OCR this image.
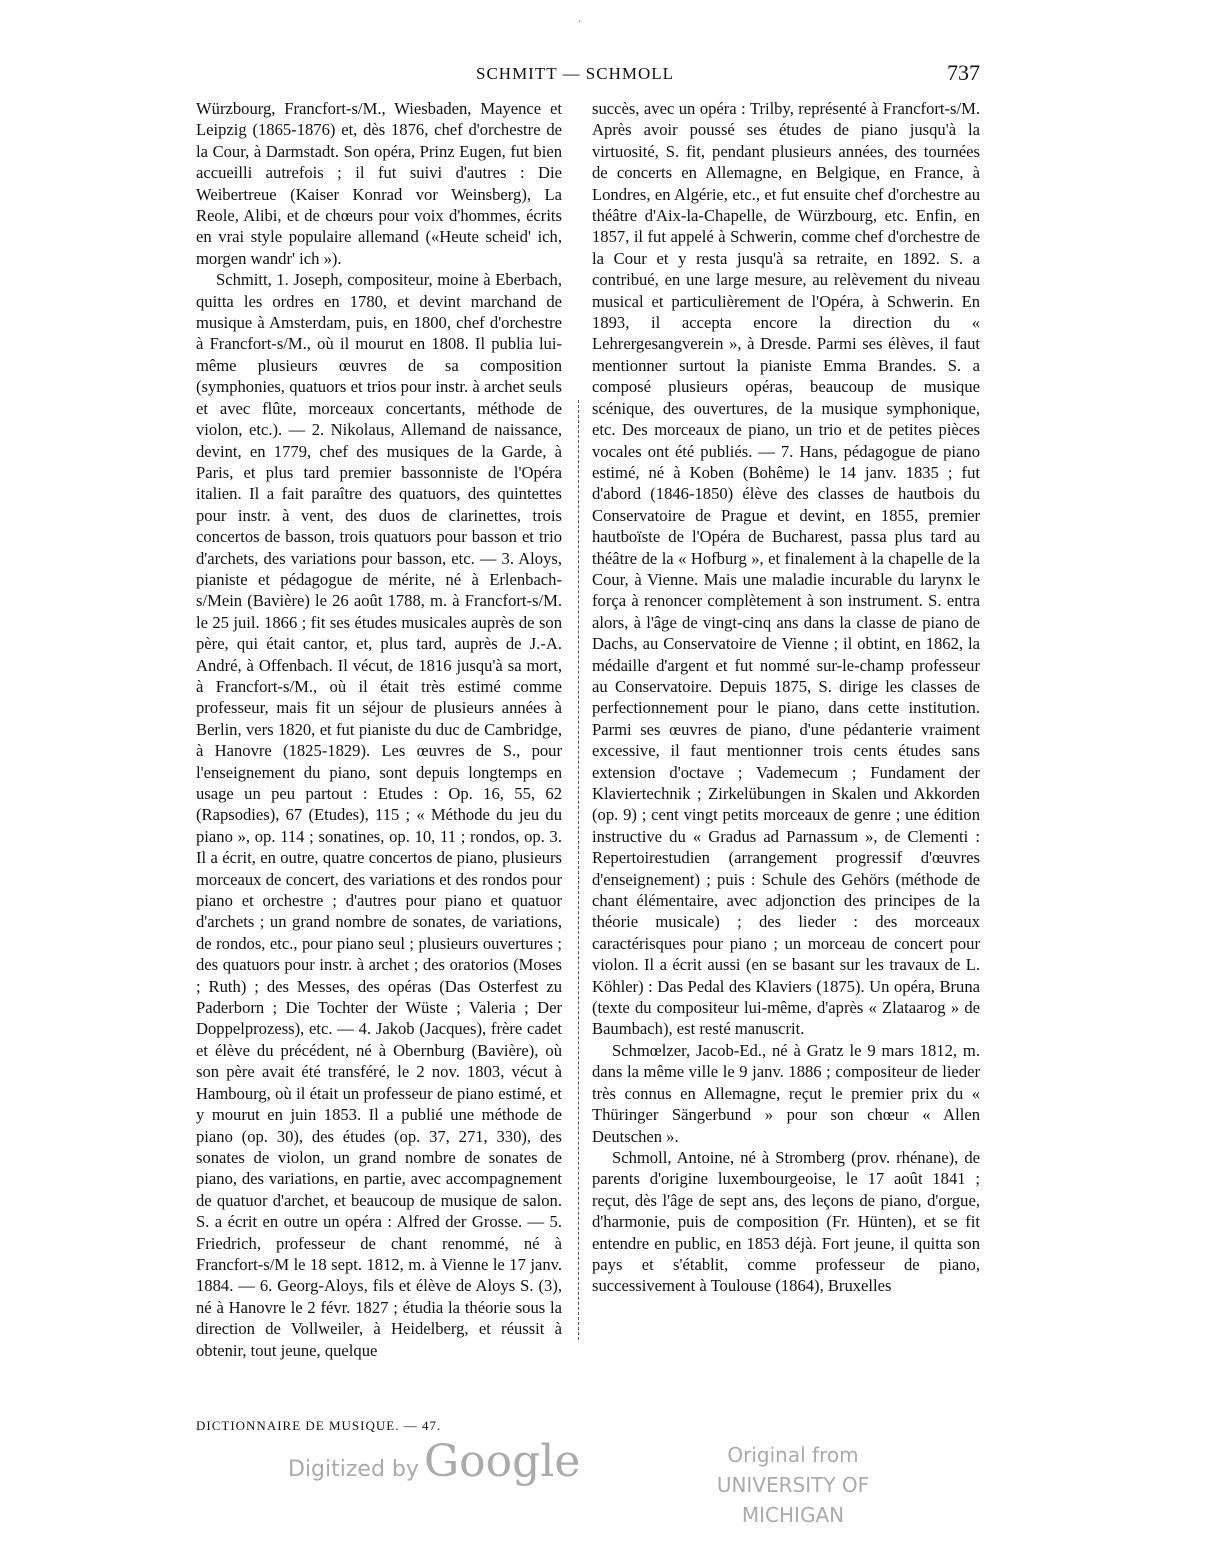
.
SCHMITT — SCHMOLL	737

Würzbourg, Francfort-s/M., Wiesbaden, Mayence et Leipzig (1865-1876) et, dès 1876, chef d'orchestre de la Cour, à Darmstadt. Son opéra, Prinz Eugen, fut bien accueilli autrefois ; il fut suivi d'autres : Die Weibertreue (Kaiser Konrad vor Weinsberg), La Reole, Alibi, et de chœurs pour voix d'hommes, écrits en vrai style populaire allemand («Heute scheid' ich, morgen wandr' ich »).

Schmitt, 1. Joseph, compositeur, moine à Eberbach, quitta les ordres en 1780, et devint marchand de musique à Amsterdam, puis, en 1800, chef d'orchestre à Francfort-s/M., où il mourut en 1808. Il publia lui-même plusieurs œuvres de sa composition (symphonies, quatuors et trios pour instr. à archet seuls et avec flûte, morceaux concertants, méthode de violon, etc.). — 2. Nikolaus, Allemand de naissance, devint, en 1779, chef des musiques de la Garde, à Paris, et plus tard premier bassonniste de l'Opéra italien. Il a fait paraître des quatuors, des quintettes pour instr. à vent, des duos de clarinettes, trois concertos de basson, trois quatuors pour basson et trio d'archets, des variations pour basson, etc. — 3. Aloys, pianiste et pédagogue de mérite, né à Erlenbach-s/Mein (Bavière) le 26 août 1788, m. à Francfort-s/M. le 25 juil. 1866 ; fit ses études musicales auprès de son père, qui était cantor, et, plus tard, auprès de J.-A. André, à Offenbach. Il vécut, de 1816 jusqu'à sa mort, à Francfort-s/M., où il était très estimé comme professeur, mais fit un séjour de plusieurs années à Berlin, vers 1820, et fut pianiste du duc de Cambridge, à Hanovre (1825-1829). Les œuvres de S., pour l'enseignement du piano, sont depuis longtemps en usage un peu partout : Etudes : Op. 16, 55, 62 (Rapsodies), 67 (Etudes), 115 ; « Méthode du jeu du piano », op. 114 ; sonatines, op. 10, 11 ; rondos, op. 3. Il a écrit, en outre, quatre concertos de piano, plusieurs morceaux de concert, des variations et des rondos pour piano et orchestre ; d'autres pour piano et quatuor d'archets ; un grand nombre de sonates, de variations, de rondos, etc., pour piano seul ; plusieurs ouvertures ; des quatuors pour instr. à archet ; des oratorios (Moses ; Ruth) ; des Messes, des opéras (Das Osterfest zu Paderborn ; Die Tochter der Wüste ; Valeria ; Der Doppelprozess), etc. — 4. Jakob (Jacques), frère cadet et élève du précédent, né à Obernburg (Bavière), où son père avait été transféré, le 2 nov. 1803, vécut à Hambourg, où il était un professeur de piano estimé, et y mourut en juin 1853. Il a publié une méthode de piano (op. 30), des études (op. 37, 271, 330), des sonates de violon, un grand nombre de sonates de piano, des variations, en partie, avec accompagnement de quatuor d'archet, et beaucoup de musique de salon. S. a écrit en outre un opéra : Alfred der Grosse. — 5. Friedrich, professeur de chant renommé, né à Francfort-s/M le 18 sept. 1812, m. à Vienne le 17 janv. 1884. — 6. Georg-Aloys, fils et élève de Aloys S. (3), né à Hanovre le 2 févr. 1827 ; étudia la théorie sous la direction de Vollweiler, à Heidelberg, et réussit à obtenir, tout jeune, quelque

succès, avec un opéra : Trilby, représenté à Francfort-s/M. Après avoir poussé ses études de piano jusqu'à la virtuosité, S. fit, pendant plusieurs années, des tournées de concerts en Allemagne, en Belgique, en France, à Londres, en Algérie, etc., et fut ensuite chef d'orchestre au théâtre d'Aix-la-Chapelle, de Würzbourg, etc. Enfin, en 1857, il fut appelé à Schwerin, comme chef d'orchestre de la Cour et y resta jusqu'à sa retraite, en 1892. S. a contribué, en une large mesure, au relèvement du niveau musical et particulièrement de l'Opéra, à Schwerin. En 1893, il accepta encore la direction du « Lehrergesangverein », à Dresde. Parmi ses élèves, il faut mentionner surtout la pianiste Emma Brandes. S. a composé plusieurs opéras, beaucoup de musique scénique, des ouvertures, de la musique symphonique, etc. Des morceaux de piano, un trio et de petites pièces vocales ont été publiés. — 7. Hans, pédagogue de piano estimé, né à Koben (Bohême) le 14 janv. 1835 ; fut d'abord (1846-1850) élève des classes de hautbois du Conservatoire de Prague et devint, en 1855, premier hautboïste de l'Opéra de Bucharest, passa plus tard au théâtre de la « Hofburg », et finalement à la chapelle de la Cour, à Vienne. Mais une maladie incurable du larynx le força à renoncer complètement à son instrument. S. entra alors, à l'âge de vingt-cinq ans dans la classe de piano de Dachs, au Conservatoire de Vienne ; il obtint, en 1862, la médaille d'argent et fut nommé sur-le-champ professeur au Conservatoire. Depuis 1875, S. dirige les classes de perfectionnement pour le piano, dans cette institution. Parmi ses œuvres de piano, d'une pédanterie vraiment excessive, il faut mentionner trois cents études sans extension d'octave ; Vademecum ; Fundament der Klaviertechnik ; Zirkelübungen in Skalen und Akkorden (op. 9) ; cent vingt petits morceaux de genre ; une édition instructive du « Gradus ad Parnassum », de Clementi : Repertoirestudien (arrangement progressif d'œuvres d'enseignement) ; puis : Schule des Gehörs (méthode de chant élémentaire, avec adjonction des principes de la théorie musicale) ; des lieder : des morceaux caractérisques pour piano ; un morceau de concert pour violon. Il a écrit aussi (en se basant sur les travaux de L. Köhler) : Das Pedal des Klaviers (1875). Un opéra, Bruna (texte du compositeur lui-même, d'après « Zlataarog » de Baumbach), est resté manuscrit.

Schmœlzer, Jacob-Ed., né à Gratz le 9 mars 1812, m. dans la même ville le 9 janv. 1886 ; compositeur de lieder très connus en Allemagne, reçut le premier prix du « Thüringer Sängerbund » pour son chœur « Allen Deutschen ».

Schmoll, Antoine, né à Stromberg (prov. rhénane), de parents d'origine luxembourgeoise, le 17 août 1841 ; reçut, dès l'âge de sept ans, des leçons de piano, d'orgue, d'harmonie, puis de composition (Fr. Hünten), et se fit entendre en public, en 1853 déjà. Fort jeune, il quitta son pays et s'établit, comme professeur de piano, successivement à Toulouse (1864), Bruxelles

DICTIONNAIRE DE MUSIQUE. — 47.
Digitized by Google	Original from
UNIVERSITY OF MICHIGAN
